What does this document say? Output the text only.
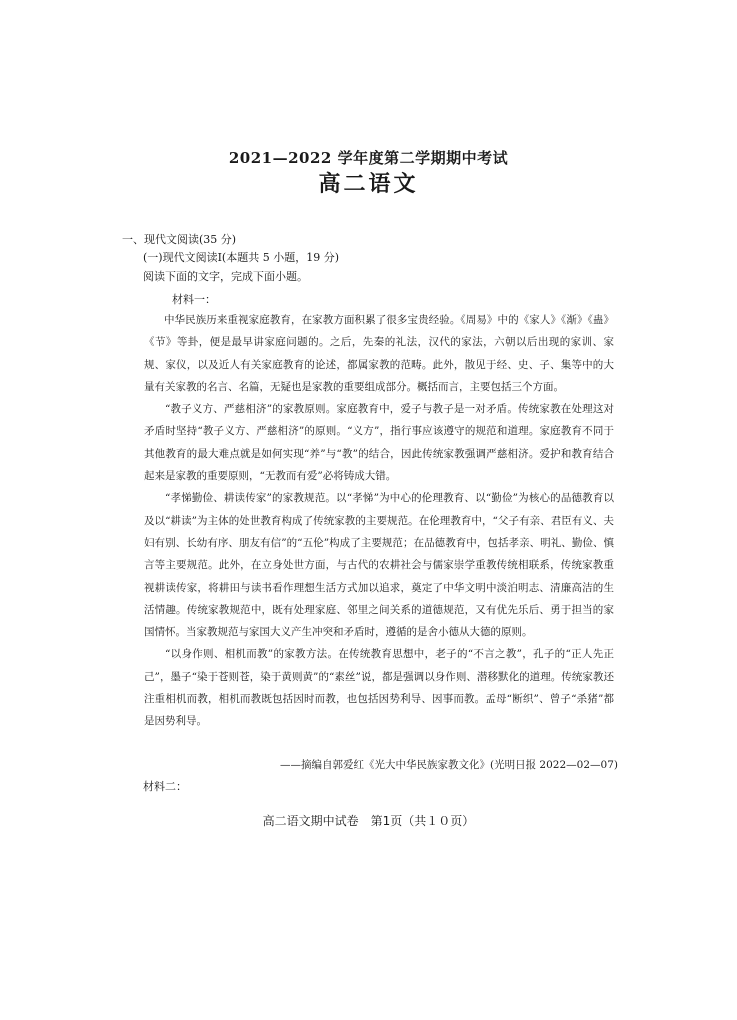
2021—2022 学年度第二学期期中考试
高二语文
一、现代文阅读(35 分)
(一)现代文阅读Ⅰ(本题共 5 小题，19 分)
阅读下面的文字，完成下面小题。
材料一：

中华民族历来重视家庭教育，在家教方面积累了很多宝贵经验。《周易》中的《家人》《渐》《蛊》《节》等卦，便是最早讲家庭问题的。之后，先秦的礼法，汉代的家法，六朝以后出现的家训、家规、家仪，以及近人有关家庭教育的论述，都属家教的范畴。此外，散见于经、史、子、集等中的大量有关家教的名言、名篇，无疑也是家教的重要组成部分。概括而言，主要包括三个方面。

“教子义方、严慈相济”的家教原则。家庭教育中，爱子与教子是一对矛盾。传统家教在处理这对矛盾时坚持“教子义方、严慈相济”的原则。“义方”，指行事应该遵守的规范和道理。家庭教育不同于其他教育的最大难点就是如何实现“养”与“教”的结合，因此传统家教强调严慈相济。爱护和教育结合起来是家教的重要原则，“无教而有爱”必将铸成大错。

“孝悌勤俭、耕读传家”的家教规范。以“孝悌”为中心的伦理教育、以“勤俭”为核心的品德教育以及以“耕读”为主体的处世教育构成了传统家教的主要规范。在伦理教育中，“父子有亲、君臣有义、夫妇有别、长幼有序、朋友有信”的“五伦”构成了主要规范；在品德教育中，包括孝亲、明礼、勤俭、慎言等主要规范。此外，在立身处世方面，与古代的农耕社会与儒家崇学重教传统相联系，传统家教重视耕读传家，将耕田与读书看作理想生活方式加以追求，奠定了中华文明中淡泊明志、清廉高洁的生活情趣。传统家教规范中，既有处理家庭、邻里之间关系的道德规范，又有优先乐后、勇于担当的家国情怀。当家教规范与家国大义产生冲突和矛盾时，遵循的是舍小德从大德的原则。

“以身作则、相机而教”的家教方法。在传统教育思想中，老子的“不言之教”，孔子的“正人先正己”，墨子“染于苍则苍，染于黄则黄”的“素丝”说，都是强调以身作则、潜移默化的道理。传统家教还注重相机而教，相机而教既包括因时而教，也包括因势利导、因事而教。孟母“断织”、曾子“杀猪”都是因势利导。

——摘编自郭爱红《光大中华民族家教文化》(光明日报 2022—02—07)
材料二：
高二语文期中试卷　第1页（共１０页）
